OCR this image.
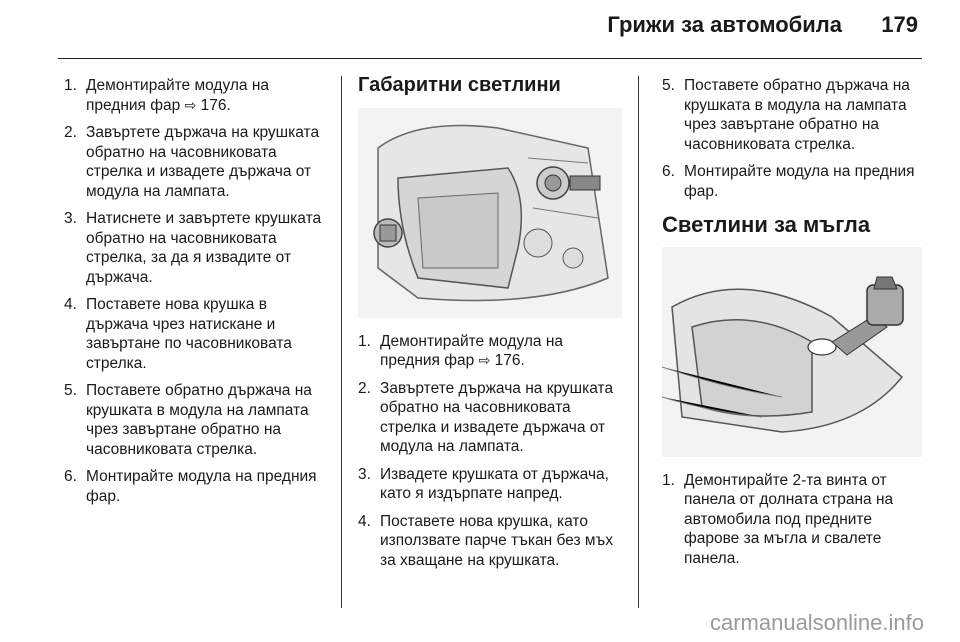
Грижи за автомобила 179
1. Демонтирайте модула на предния фар ⇨ 176.
2. Завъртете държача на крушката обратно на часовниковата стрелка и извадете държача от модула на лампата.
3. Натиснете и завъртете крушката обратно на часовниковата стрелка, за да я извадите от държача.
4. Поставете нова крушка в държача чрез натискане и завъртане по часовниковата стрелка.
5. Поставете обратно държача на крушката в модула на лампата чрез завъртане обратно на часовниковата стрелка.
6. Монтирайте модула на предния фар.
Габаритни светлини
1. Демонтирайте модула на предния фар ⇨ 176.
2. Завъртете държача на крушката обратно на часовниковата стрелка и извадете държача от модула на лампата.
3. Извадете крушката от държача, като я издърпате напред.
4. Поставете нова крушка, като използвате парче тъкан без мъх за хващане на крушката.
5. Поставете обратно държача на крушката в модула на лампата чрез завъртане обратно на часовниковата стрелка.
6. Монтирайте модула на предния фар.
Светлини за мъгла
1. Демонтирайте 2-та винта от панела от долната страна на автомобила под предните фарове за мъгла и свалете панела.
carmanualsonline.info
